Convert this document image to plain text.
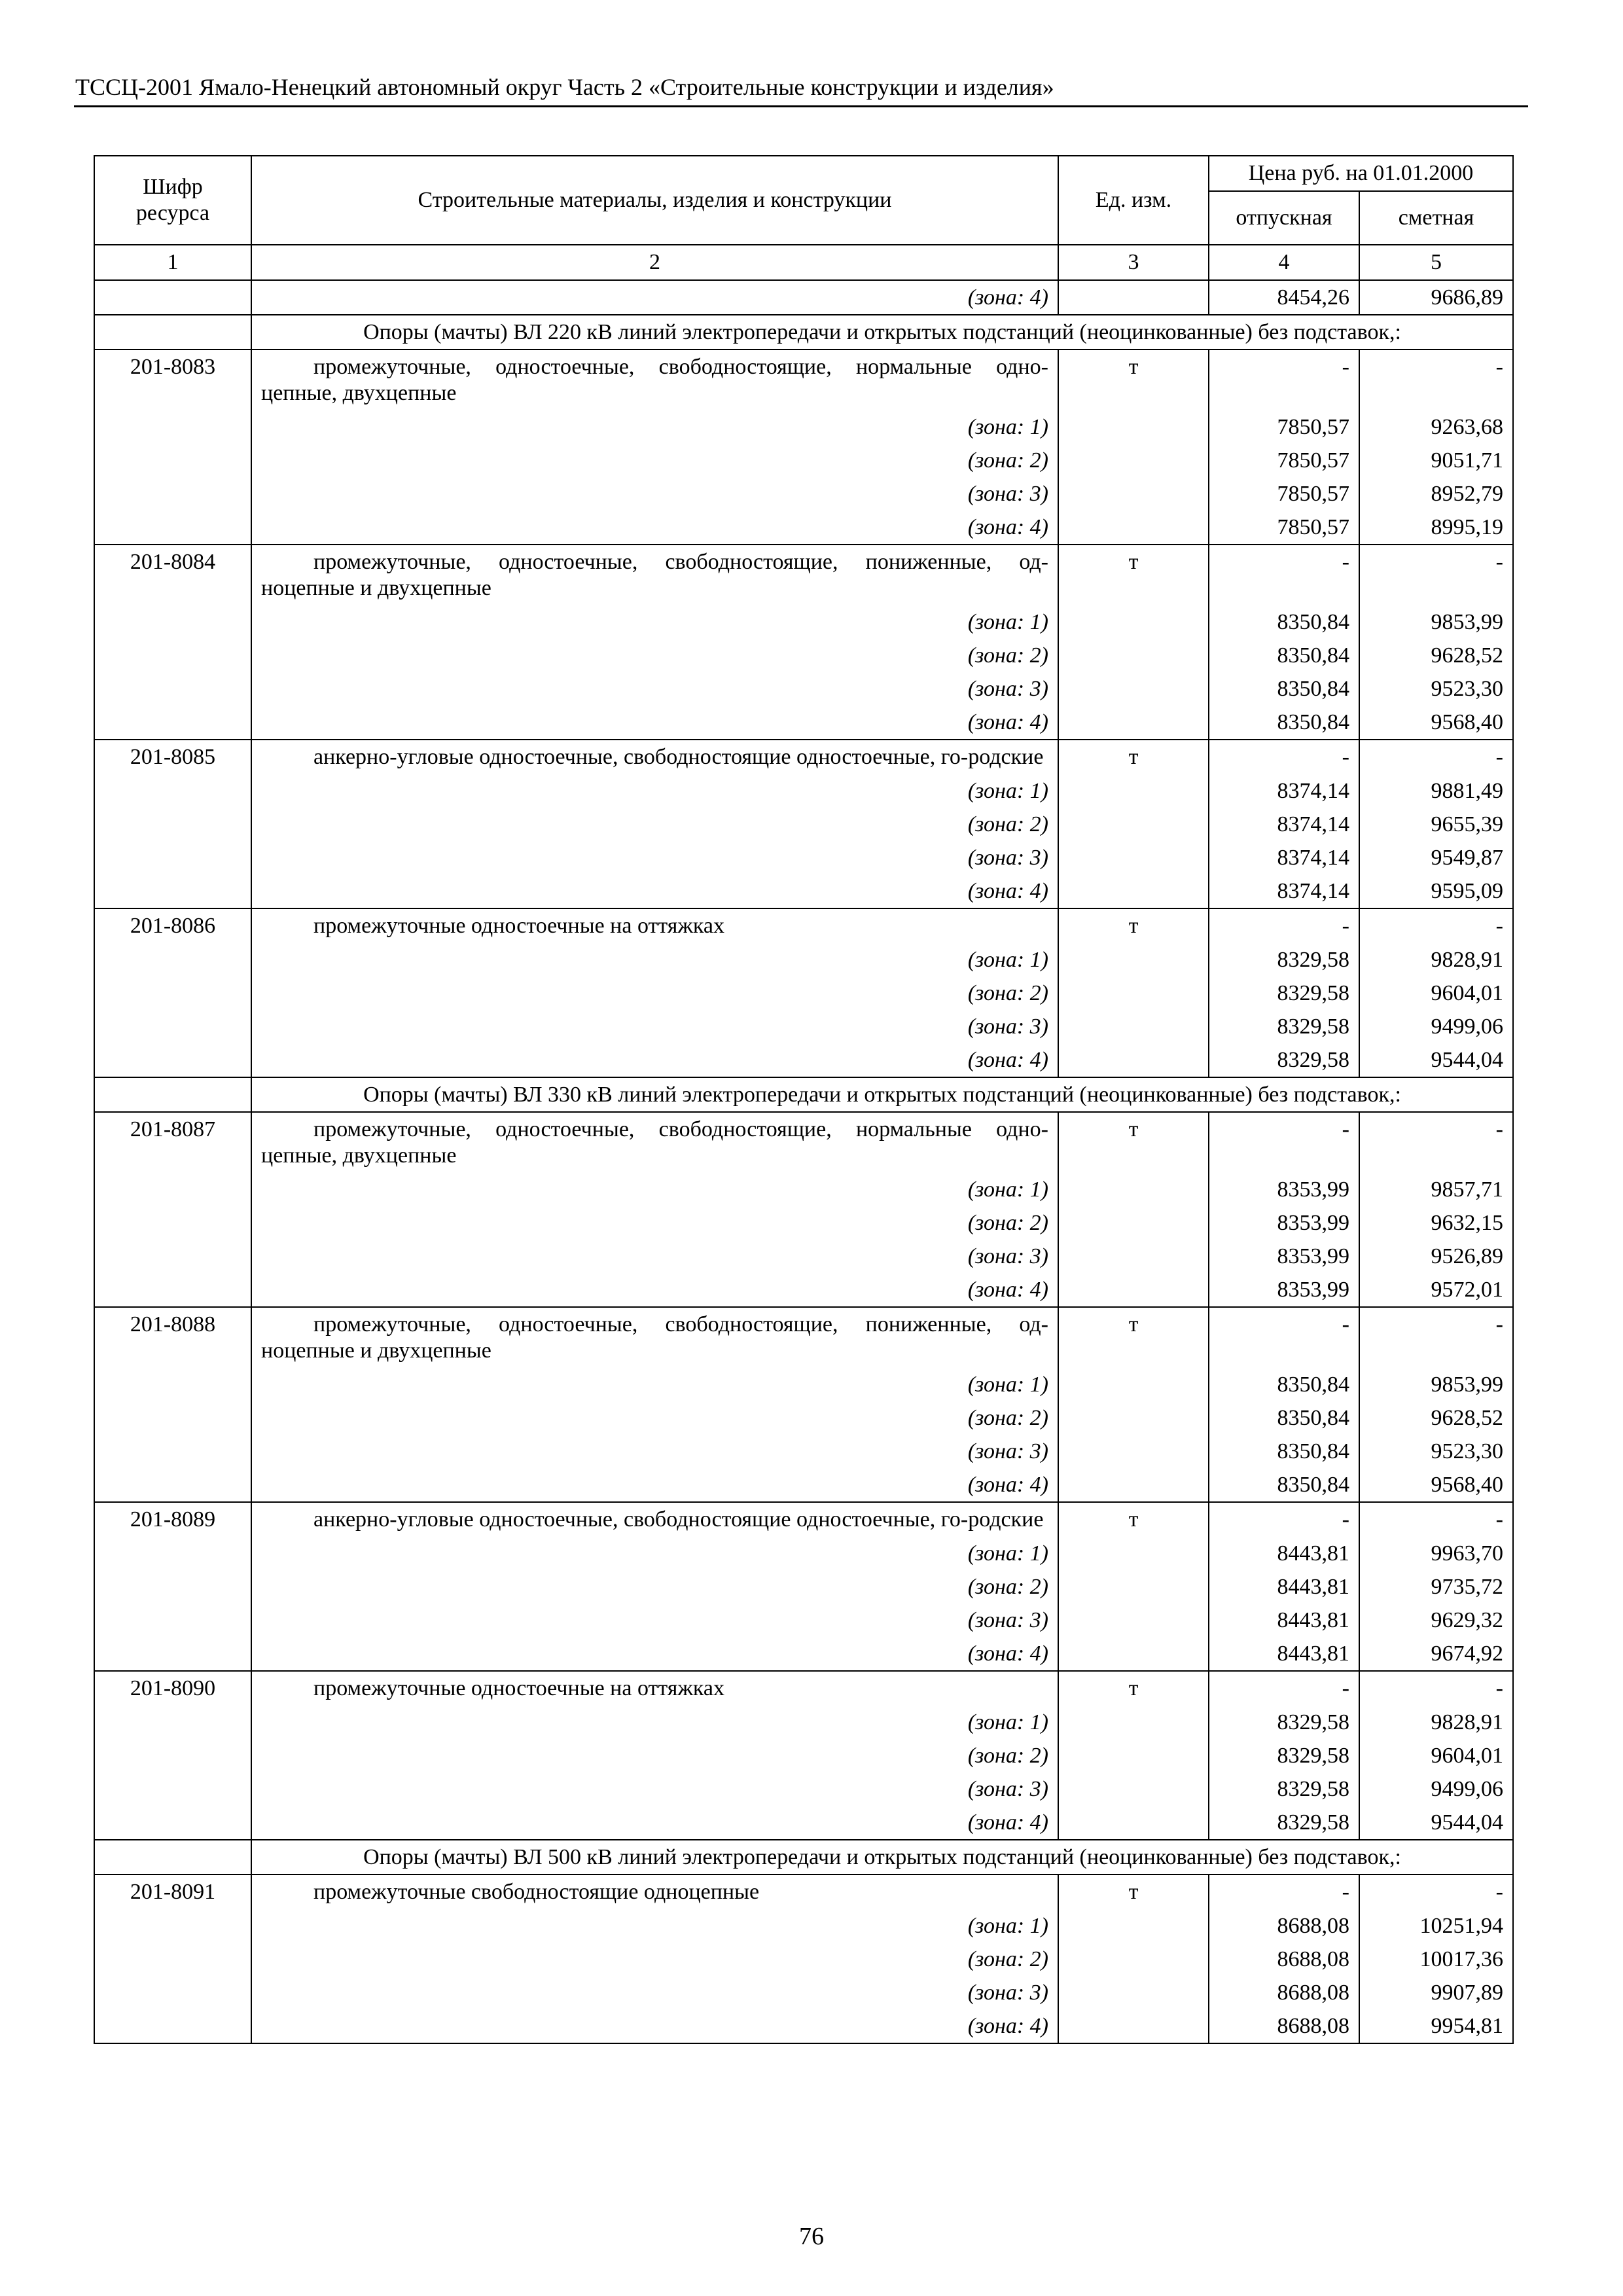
ТССЦ-2001 Ямало-Ненецкий автономный округ Часть 2 «Строительные конструкции и изделия»
Шифр ресурса	Строительные материалы, изделия и конструкции	Ед. изм.	Цена руб. на 01.01.2000	
			отпускная	сметная
1	2	3	4	5
	(зона: 4)		8454,26	9686,89
	Опоры (мачты) ВЛ 220 кВ линий электропередачи и открытых подстанций (неоцинкованные) без подставок,:			
201-8083	промежуточные, одностоечные, свободностоящие, нормальные одно-цепные, двухцепные	т	-	-
	(зона: 1)		7850,57	9263,68
	(зона: 2)		7850,57	9051,71
	(зона: 3)		7850,57	8952,79
	(зона: 4)		7850,57	8995,19
201-8084	промежуточные, одностоечные, свободностоящие, пониженные, од-ноцепные и двухцепные	т	-	-
	(зона: 1)		8350,84	9853,99
	(зона: 2)		8350,84	9628,52
	(зона: 3)		8350,84	9523,30
	(зона: 4)		8350,84	9568,40
201-8085	анкерно-угловые одностоечные, свободностоящие одностоечные, го-родские	т	-	-
	(зона: 1)		8374,14	9881,49
	(зона: 2)		8374,14	9655,39
	(зона: 3)		8374,14	9549,87
	(зона: 4)		8374,14	9595,09
201-8086	промежуточные одностоечные на оттяжках	т	-	-
	(зона: 1)		8329,58	9828,91
	(зона: 2)		8329,58	9604,01
	(зона: 3)		8329,58	9499,06
	(зона: 4)		8329,58	9544,04
	Опоры (мачты) ВЛ 330 кВ линий электропередачи и открытых подстанций (неоцинкованные) без подставок,:			
201-8087	промежуточные, одностоечные, свободностоящие, нормальные одно-цепные, двухцепные	т	-	-
	(зона: 1)		8353,99	9857,71
	(зона: 2)		8353,99	9632,15
	(зона: 3)		8353,99	9526,89
	(зона: 4)		8353,99	9572,01
201-8088	промежуточные, одностоечные, свободностоящие, пониженные, од-ноцепные и двухцепные	т	-	-
	(зона: 1)		8350,84	9853,99
	(зона: 2)		8350,84	9628,52
	(зона: 3)		8350,84	9523,30
	(зона: 4)		8350,84	9568,40
201-8089	анкерно-угловые одностоечные, свободностоящие одностоечные, го-родские	т	-	-
	(зона: 1)		8443,81	9963,70
	(зона: 2)		8443,81	9735,72
	(зона: 3)		8443,81	9629,32
	(зона: 4)		8443,81	9674,92
201-8090	промежуточные одностоечные на оттяжках	т	-	-
	(зона: 1)		8329,58	9828,91
	(зона: 2)		8329,58	9604,01
	(зона: 3)		8329,58	9499,06
	(зона: 4)		8329,58	9544,04
	Опоры (мачты) ВЛ 500 кВ линий электропередачи и открытых подстанций (неоцинкованные) без подставок,:			
201-8091	промежуточные свободностоящие одноцепные	т	-	-
	(зона: 1)		8688,08	10251,94
	(зона: 2)		8688,08	10017,36
	(зона: 3)		8688,08	9907,89
	(зона: 4)		8688,08	9954,81
76
